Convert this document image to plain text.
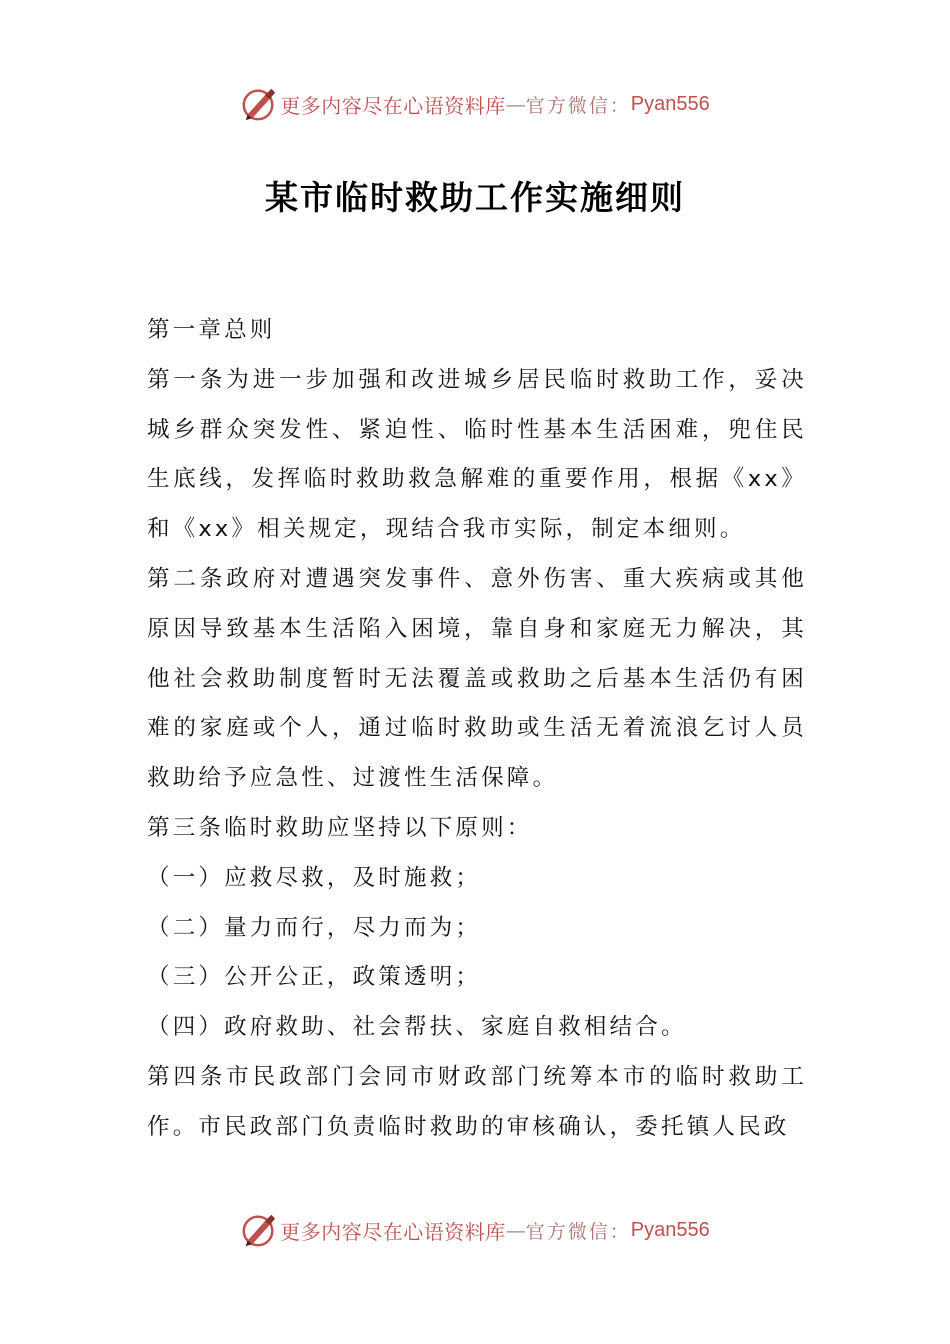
更多内容尽在心语资料库 — 官方微信： Pyan556
某市临时救助工作实施细则

第一章总则

第一条为进一步加强和改进城乡居民临时救助工作，妥决城乡群众突发性、紧迫性、临时性基本生活困难，兜住民生底线，发挥临时救助救急解难的重要作用，根据《xx》和《xx》相关规定，现结合我市实际，制定本细则。

第二条政府对遭遇突发事件、意外伤害、重大疾病或其他原因导致基本生活陷入困境，靠自身和家庭无力解决，其他社会救助制度暂时无法覆盖或救助之后基本生活仍有困难的家庭或个人，通过临时救助或生活无着流浪乞讨人员救助给予应急性、过渡性生活保障。

第三条临时救助应坚持以下原则：

（一）应救尽救，及时施救；

（二）量力而行，尽力而为；

（三）公开公正，政策透明；

（四）政府救助、社会帮扶、家庭自救相结合。

第四条市民政部门会同市财政部门统筹本市的临时救助工作。市民政部门负责临时救助的审核确认，委托镇人民政

更多内容尽在心语资料库 — 官方微信： Pyan556
